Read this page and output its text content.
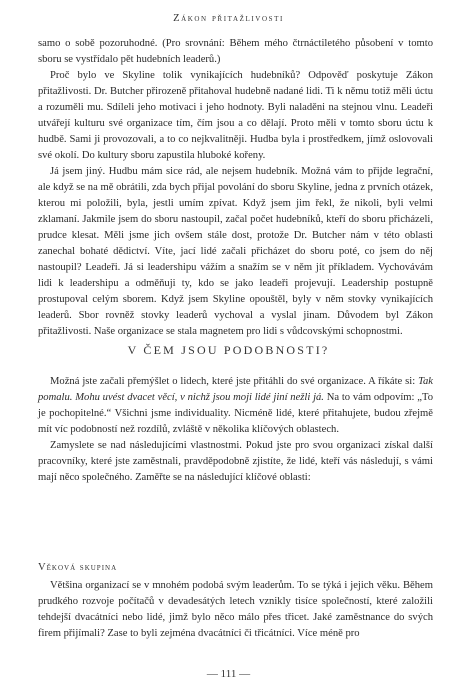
Zákon přitažlivosti

samo o sobě pozoruhodné. (Pro srovnání: Během mého čtrnáctiletého působení v tomto sboru se vystřídalo pět hudebních leaderů.)

Proč bylo ve Skyline tolik vynikajících hudebníků? Odpověď poskytuje Zákon přitažlivosti. Dr. Butcher přirozeně přitahoval hudebně nadané lidi. Ti k němu totiž měli úctu a rozuměli mu. Sdíleli jeho motivaci i jeho hodnoty. Byli naladěni na stejnou vlnu. Leadeři utvářejí kulturu své organizace tím, čím jsou a co dělají. Proto měli v tomto sboru úctu k hudbě. Sami ji provozovali, a to co nejkvalitněji. Hudba byla i prostředkem, jímž oslovovali své okolí. Do kultury sboru zapustila hluboké kořeny.

Já jsem jiný. Hudbu mám sice rád, ale nejsem hudebník. Možná vám to přijde legrační, ale když se na mě obrátili, zda bych přijal povolání do sboru Skyline, jedna z prvních otázek, kterou mi položili, byla, jestli umím zpívat. Když jsem jim řekl, že nikoli, byli velmi zklamaní. Jakmile jsem do sboru nastoupil, začal počet hudebníků, kteří do sboru přicházeli, prudce klesat. Měli jsme jich ovšem stále dost, protože Dr. Butcher nám v této oblasti zanechal bohaté dědictví. Víte, jací lidé začali přicházet do sboru poté, co jsem do něj nastoupil? Leadeři. Já si leadershipu vážím a snažím se v něm jít příkladem. Vychovávám lidi k leadershipu a odměňuji ty, kdo se jako leadeři projevují. Leadership postupně prostupoval celým sborem. Když jsem Skyline opouštěl, byly v něm stovky vynikajících leaderů. Sbor rovněž stovky leaderů vychoval a vyslal jinam. Důvodem byl Zákon přitažlivosti. Naše organizace se stala magnetem pro lidi s vůdcovskými schopnostmi.

V ČEM JSOU PODOBNOSTI?

Možná jste začali přemýšlet o lidech, které jste přitáhli do své organizace. A říkáte si: Tak pomalu. Mohu uvést dvacet věcí, v nichž jsou moji lidé jiní nežli já. Na to vám odpovím: „To je pochopitelné.“ Všichni jsme individuality. Nicméně lidé, které přitahujete, budou zřejmě mít víc podobností než rozdílů, zvláště v několika klíčových oblastech.

Zamyslete se nad následujícími vlastnostmi. Pokud jste pro svou organizaci získal další pracovníky, které jste zaměstnali, pravděpodobně zjistíte, že lidé, kteří vás následují, s vámi mají něco společného. Zaměřte se na následující klíčové oblasti:

Věková skupina

Většina organizací se v mnohém podobá svým leaderům. To se týká i jejich věku. Během prudkého rozvoje počítačů v devadesátých letech vznikly tisíce společností, které založili tehdejší dvacátníci nebo lidé, jimž bylo něco málo přes třicet. Jaké zaměstnance do svých firem přijímali? Zase to byli zejména dvacátníci či třicátníci. Více méně pro

— 111 —
